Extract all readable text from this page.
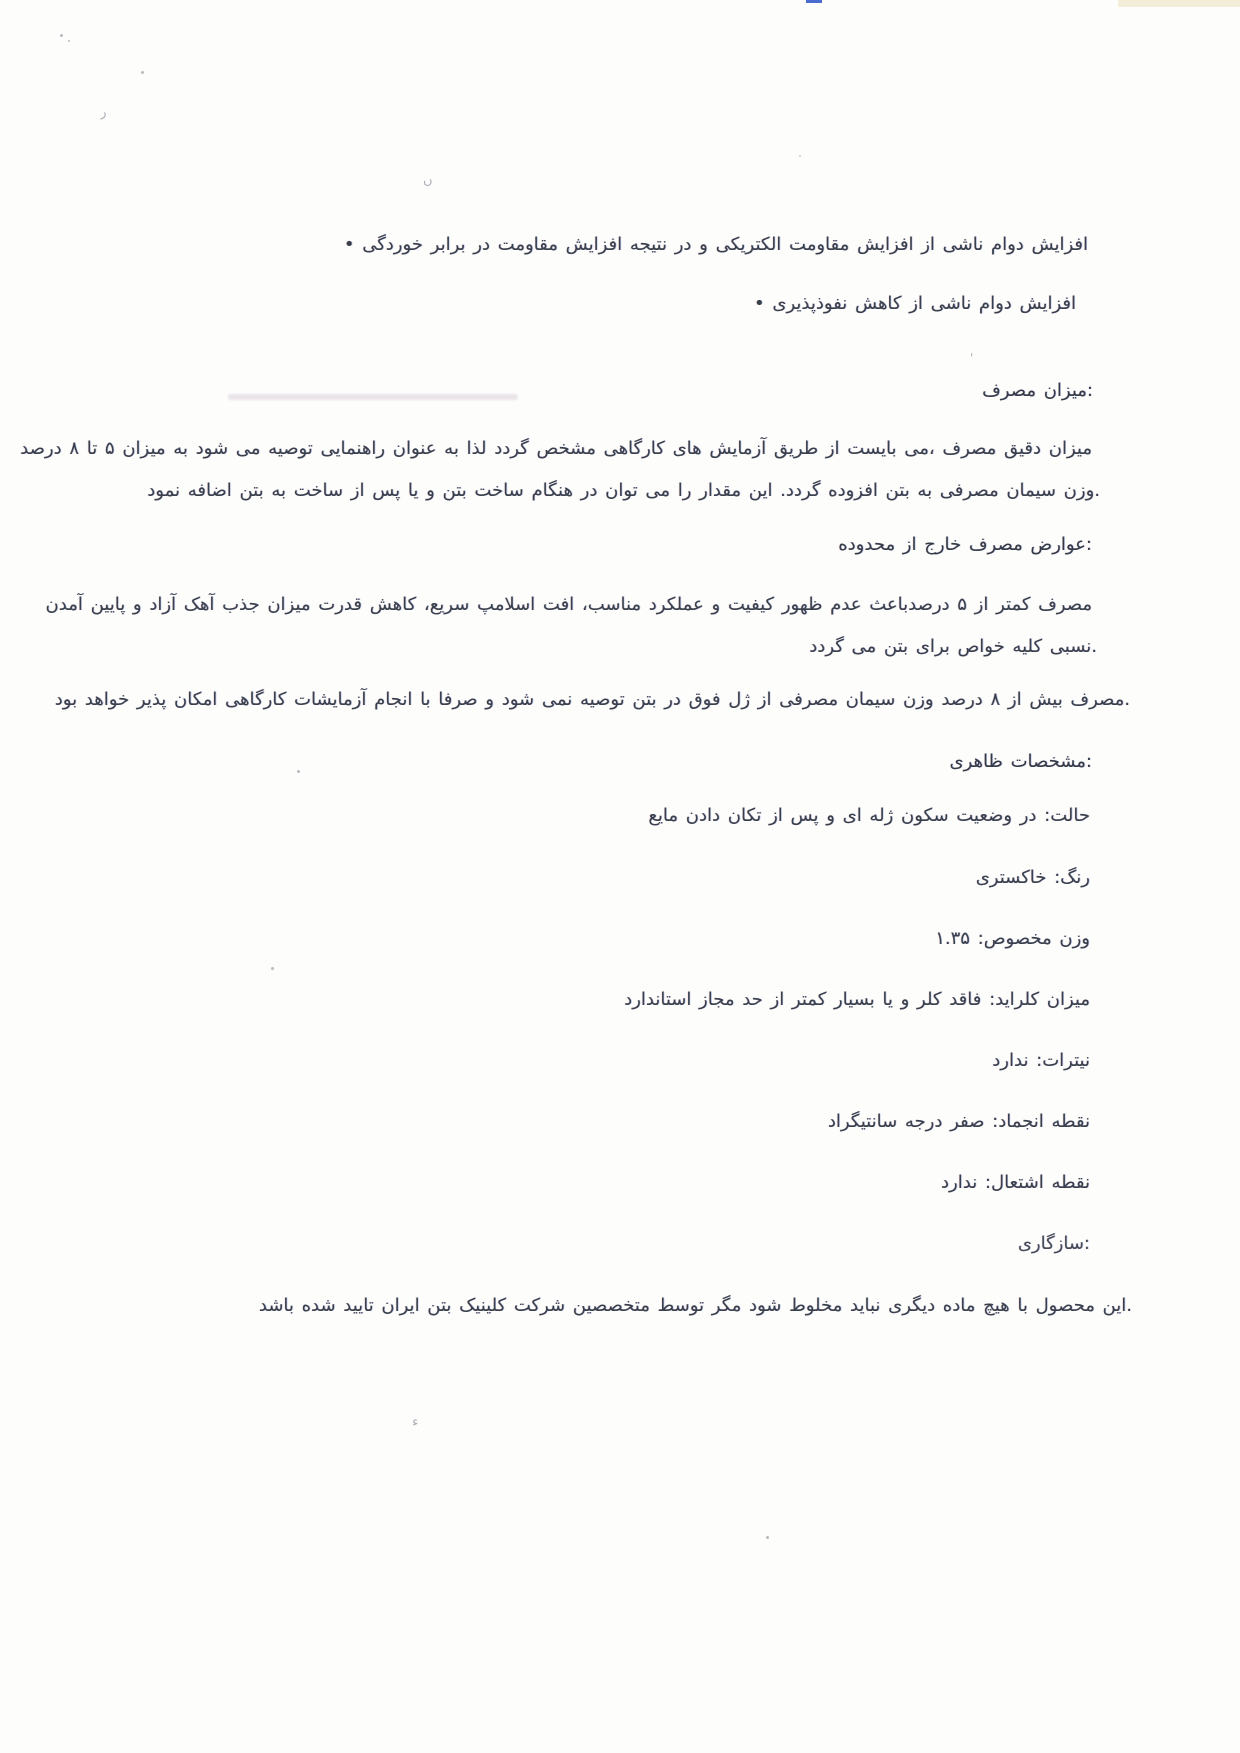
افزایش دوام ناشی از افزایش مقاومت الکتریکی و در نتیجه افزایش مقاومت در برابر خوردگی •
افزایش دوام ناشی از کاهش نفوذپذیری •
:میزان مصرف
میزان دقیق مصرف ،می بایست از طریق آزمایش های کارگاهی مشخص گردد لذا به عنوان راهنمایی توصیه می شود به میزان ۵ تا ۸ درصد
.وزن سیمان مصرفی به بتن افزوده گردد. این مقدار را می توان در هنگام ساخت بتن و یا پس از ساخت به بتن اضافه نمود
:عوارض مصرف خارج از محدوده
مصرف کمتر از ۵ درصدباعث عدم ظهور کیفیت و عملکرد مناسب، افت اسلامپ سریع، کاهش قدرت میزان جذب آهک آزاد و پایین آمدن
.نسبی کلیه خواص برای بتن می گردد
.مصرف بیش از ۸ درصد وزن سیمان مصرفی از ژل فوق در بتن توصیه نمی شود و صرفا با انجام آزمایشات کارگاهی امکان پذیر خواهد بود
:مشخصات ظاهری
حالت: در وضعیت سکون ژله ای و پس از تکان دادن مایع
رنگ: خاکستری
وزن مخصوص: ۱.۳۵
میزان کلراید: فاقد کلر و یا بسیار کمتر از حد مجاز استاندارد
نیترات: ندارد
نقطه انجماد: صفر درجه سانتیگراد
نقطه اشتعال: ندارد
:سازگاری
.این محصول با هیچ ماده دیگری نباید مخلوط شود مگر توسط متخصصین شرکت کلینیک بتن ایران تایید شده باشد
ر
ں
'
ء
